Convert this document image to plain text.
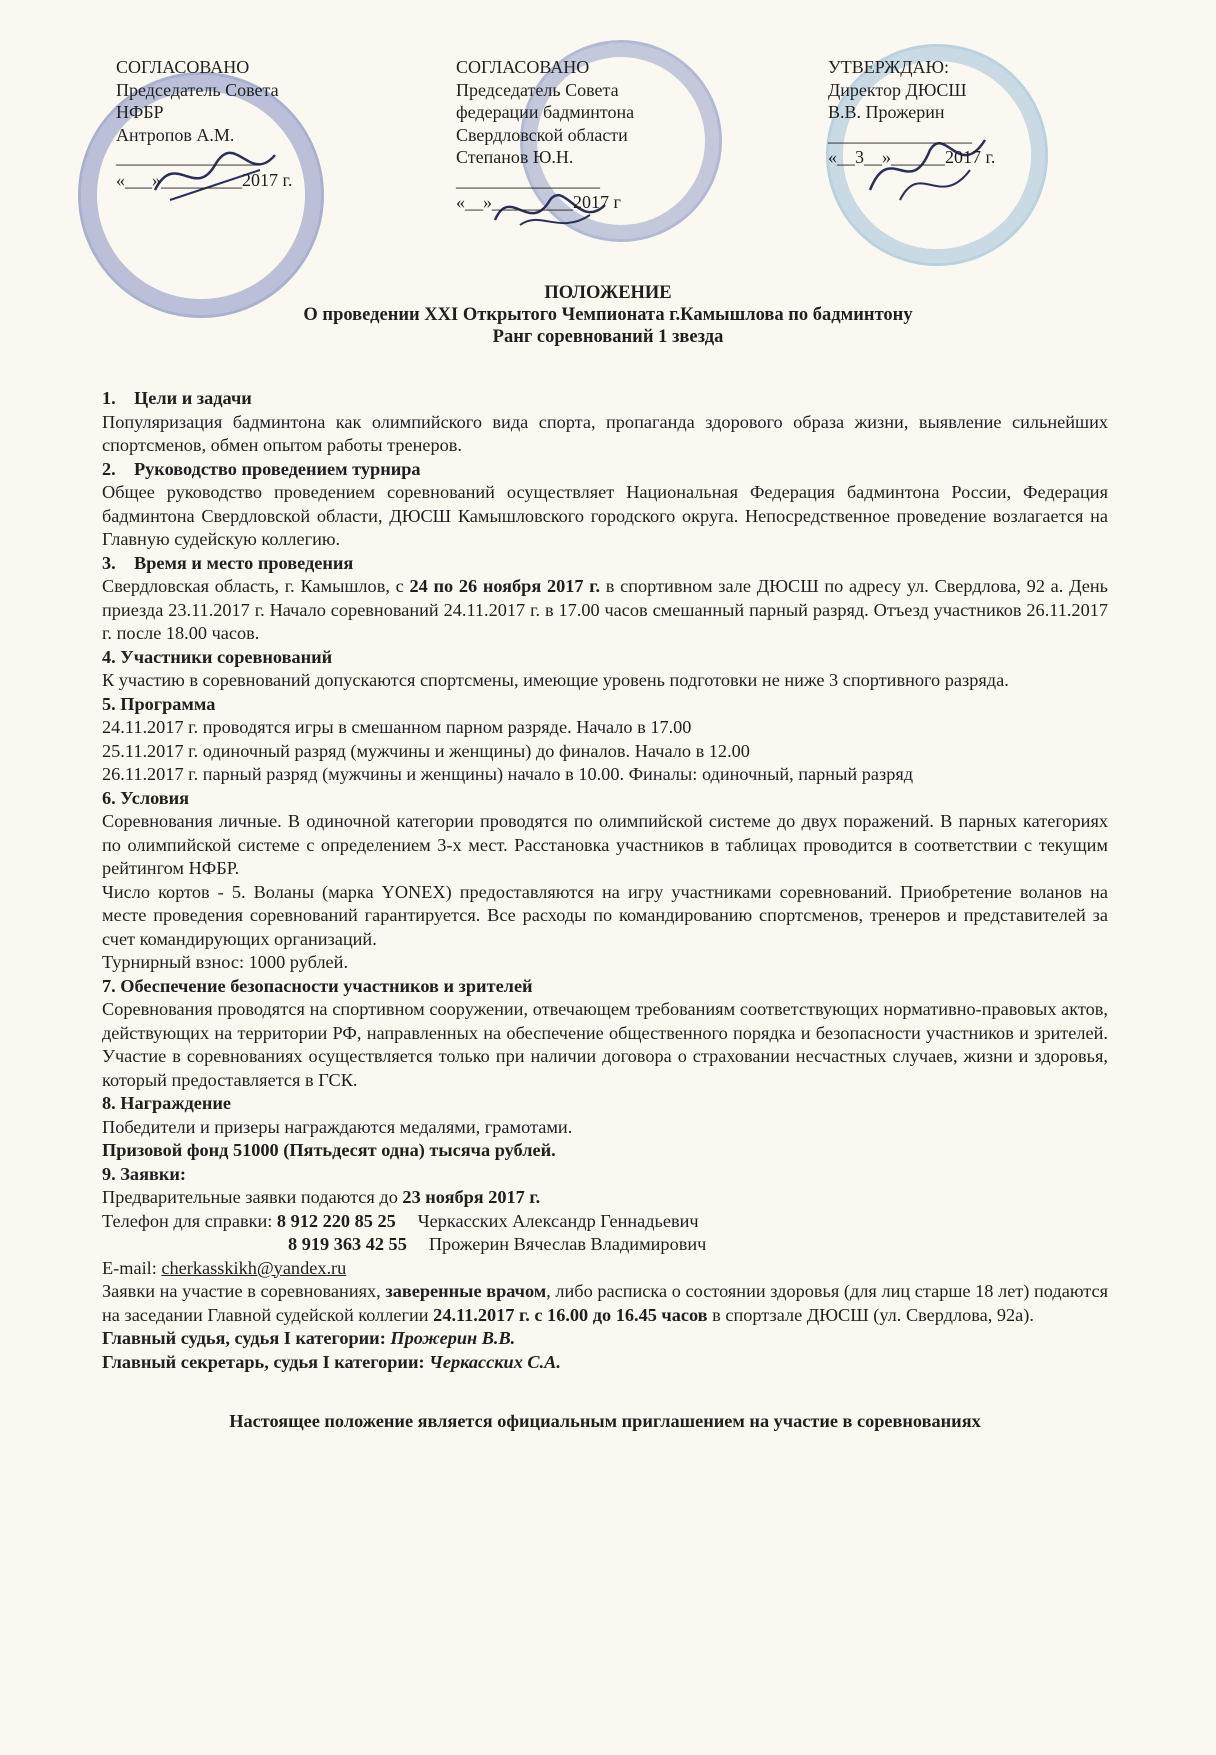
СОГЛАСОВАНО
Председатель Совета
НФБР
Антропов А.М.
________________
«___»_________2017 г.
СОГЛАСОВАНО
Председатель Совета
федерации бадминтона
Свердловской области
Степанов Ю.Н.
________________
«__»_________2017 г
УТВЕРЖДАЮ:
Директор ДЮСШ
В.В. Прожерин
________________
«__3__»______2017 г.
ПОЛОЖЕНИЕ
О проведении XXI Открытого Чемпионата г.Камышлова по бадминтону
Ранг соревнований 1 звезда

1. Цели и задачи

Популяризация бадминтона как олимпийского вида спорта, пропаганда здорового образа жизни, выявление сильнейших спортсменов, обмен опытом работы тренеров.

2. Руководство проведением турнира

Общее руководство проведением соревнований осуществляет Национальная Федерация бадминтона России, Федерация бадминтона Свердловской области, ДЮСШ Камышловского городского округа. Непосредственное проведение возлагается на Главную судейскую коллегию.

3. Время и место проведения

Свердловская область, г. Камышлов, с 24 по 26 ноября 2017 г. в спортивном зале ДЮСШ по адресу ул. Свердлова, 92 а. День приезда 23.11.2017 г. Начало соревнований 24.11.2017 г. в 17.00 часов смешанный парный разряд. Отъезд участников 26.11.2017 г. после 18.00 часов.

4. Участники соревнований

К участию в соревнований допускаются спортсмены, имеющие уровень подготовки не ниже 3 спортивного разряда.

5. Программа

24.11.2017 г. проводятся игры в смешанном парном разряде. Начало в 17.00

25.11.2017 г. одиночный разряд (мужчины и женщины) до финалов. Начало в 12.00

26.11.2017 г. парный разряд (мужчины и женщины) начало в 10.00. Финалы: одиночный, парный разряд

6. Условия

Соревнования личные. В одиночной категории проводятся по олимпийской системе до двух поражений. В парных категориях по олимпийской системе с определением 3-х мест. Расстановка участников в таблицах проводится в соответствии с текущим рейтингом НФБР.

Число кортов - 5. Воланы (марка YONEX) предоставляются на игру участниками соревнований. Приобретение воланов на месте проведения соревнований гарантируется. Все расходы по командированию спортсменов, тренеров и представителей за счет командирующих организаций.

Турнирный взнос: 1000 рублей.

7. Обеспечение безопасности участников и зрителей

Соревнования проводятся на спортивном сооружении, отвечающем требованиям соответствующих нормативно-правовых актов, действующих на территории РФ, направленных на обеспечение общественного порядка и безопасности участников и зрителей. Участие в соревнованиях осуществляется только при наличии договора о страховании несчастных случаев, жизни и здоровья, который предоставляется в ГСК.

8. Награждение

Победители и призеры награждаются медалями, грамотами.

Призовой фонд 51000 (Пятьдесят одна) тысяча рублей.

9. Заявки:

Предварительные заявки подаются до 23 ноября 2017 г.

Телефон для справки: 8 912 220 85 25 Черкасских Александр Геннадьевич

8 919 363 42 55 Прожерин Вячеслав Владимирович

E-mail: cherkasskikh@yandex.ru

Заявки на участие в соревнованиях, заверенные врачом, либо расписка о состоянии здоровья (для лиц старше 18 лет) подаются на заседании Главной судейской коллегии 24.11.2017 г. с 16.00 до 16.45 часов в спортзале ДЮСШ (ул. Свердлова, 92а).

Главный судья, судья I категории: Прожерин В.В.

Главный секретарь, судья I категории: Черкасских С.А.

Настоящее положение является официальным приглашением на участие в соревнованиях
